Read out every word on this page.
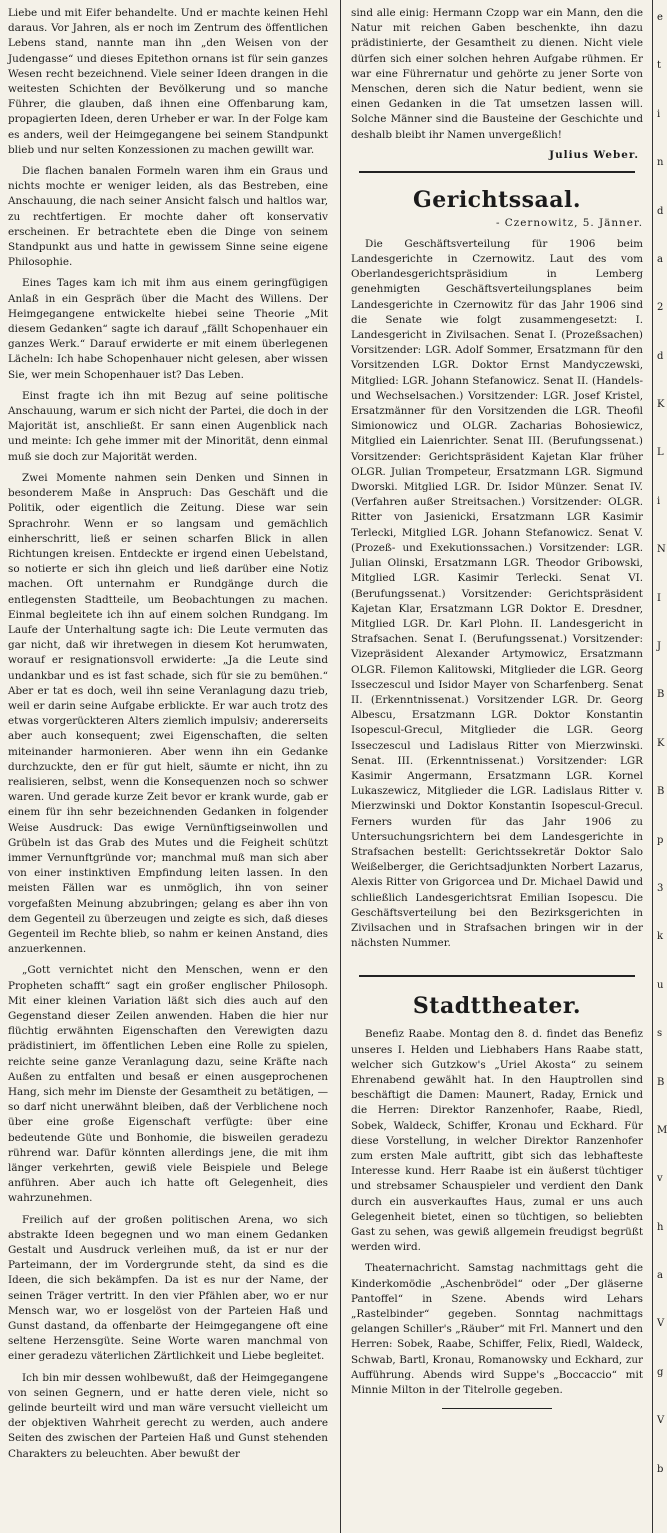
Liebe und mit Eifer behandelte. Und er machte keinen Hehl daraus. Vor Jahren, als er noch im Zentrum des öffentlichen Lebens stand, nannte man ihn „den Weisen von der Judengasse“ und dieses Epitethon ornans ist für sein ganzes Wesen recht bezeichnend. Viele seiner Ideen drangen in die weitesten Schichten der Bevölkerung und so manche Führer, die glauben, daß ihnen eine Offenbarung kam, propagierten Ideen, deren Urheber er war. In der Folge kam es anders, weil der Heimgegangene bei seinem Standpunkt blieb und nur selten Konzessionen zu machen gewillt war.

Die flachen banalen Formeln waren ihm ein Graus und nichts mochte er weniger leiden, als das Bestreben, eine Anschauung, die nach seiner Ansicht falsch und haltlos war, zu rechtfertigen. Er mochte daher oft konservativ erscheinen. Er betrachtete eben die Dinge von seinem Standpunkt aus und hatte in gewissem Sinne seine eigene Philosophie.

Eines Tages kam ich mit ihm aus einem geringfügigen Anlaß in ein Gespräch über die Macht des Willens. Der Heimgegangene entwickelte hiebei seine Theorie „Mit diesem Gedanken“ sagte ich darauf „fällt Schopenhauer ein ganzes Werk.“ Darauf erwiderte er mit einem überlegenen Lächeln: Ich habe Schopenhauer nicht gelesen, aber wissen Sie, wer mein Schopenhauer ist? Das Leben.

Einst fragte ich ihn mit Bezug auf seine politische Anschauung, warum er sich nicht der Partei, die doch in der Majorität ist, anschließt. Er sann einen Augenblick nach und meinte: Ich gehe immer mit der Minorität, denn einmal muß sie doch zur Majorität werden.

Zwei Momente nahmen sein Denken und Sinnen in besonderem Maße in Anspruch: Das Geschäft und die Politik, oder eigentlich die Zeitung. Diese war sein Sprachrohr. Wenn er so langsam und gemächlich einherschritt, ließ er seinen scharfen Blick in allen Richtungen kreisen. Entdeckte er irgend einen Uebelstand, so notierte er sich ihn gleich und ließ darüber eine Notiz machen. Oft unternahm er Rundgänge durch die entlegensten Stadtteile, um Beobachtungen zu machen. Einmal begleitete ich ihn auf einem solchen Rundgang. Im Laufe der Unterhaltung sagte ich: Die Leute vermuten das gar nicht, daß wir ihretwegen in diesem Kot herumwaten, worauf er resignationsvoll erwiderte: „Ja die Leute sind undankbar und es ist fast schade, sich für sie zu bemühen.“ Aber er tat es doch, weil ihn seine Veranlagung dazu trieb, weil er darin seine Aufgabe erblickte. Er war auch trotz des etwas vorgerückteren Alters ziemlich impulsiv; andererseits aber auch konsequent; zwei Eigenschaften, die selten miteinander harmonieren. Aber wenn ihn ein Gedanke durchzuckte, den er für gut hielt, säumte er nicht, ihn zu realisieren, selbst, wenn die Konsequenzen noch so schwer waren. Und gerade kurze Zeit bevor er krank wurde, gab er einem für ihn sehr bezeichnenden Gedanken in folgender Weise Ausdruck: Das ewige Vernünftigseinwollen und Grübeln ist das Grab des Mutes und die Feigheit schützt immer Vernunftgründe vor; manchmal muß man sich aber von einer instinktiven Empfindung leiten lassen. In den meisten Fällen war es unmöglich, ihn von seiner vorgefaßten Meinung abzubringen; gelang es aber ihn von dem Gegenteil zu überzeugen und zeigte es sich, daß dieses Gegenteil im Rechte blieb, so nahm er keinen Anstand, dies anzuerkennen.

„Gott vernichtet nicht den Menschen, wenn er den Propheten schafft“ sagt ein großer englischer Philosoph. Mit einer kleinen Variation läßt sich dies auch auf den Gegenstand dieser Zeilen anwenden. Haben die hier nur flüchtig erwähnten Eigenschaften den Verewigten dazu prädistiniert, im öffentlichen Leben eine Rolle zu spielen, reichte seine ganze Veranlagung dazu, seine Kräfte nach Außen zu entfalten und besaß er einen ausgeprochenen Hang, sich mehr im Dienste der Gesamtheit zu betätigen, — so darf nicht unerwähnt bleiben, daß der Verblichene noch über eine große Eigenschaft verfügte: über eine bedeutende Güte und Bonhomie, die bisweilen geradezu rührend war. Dafür könnten allerdings jene, die mit ihm länger verkehrten, gewiß viele Beispiele und Belege anführen. Aber auch ich hatte oft Gelegenheit, dies wahrzunehmen.

Freilich auf der großen politischen Arena, wo sich abstrakte Ideen begegnen und wo man einem Gedanken Gestalt und Ausdruck verleihen muß, da ist er nur der Parteimann, der im Vordergrunde steht, da sind es die Ideen, die sich bekämpfen. Da ist es nur der Name, der seinen Träger vertritt. In den vier Pfählen aber, wo er nur Mensch war, wo er losgelöst von der Parteien Haß und Gunst dastand, da offenbarte der Heimgegangene oft eine seltene Herzensgüte. Seine Worte waren manchmal von einer geradezu väterlichen Zärtlichkeit und Liebe begleitet.

Ich bin mir dessen wohlbewußt, daß der Heimgegangene von seinen Gegnern, und er hatte deren viele, nicht so gelinde beurteilt wird und man wäre versucht vielleicht um der objektiven Wahrheit gerecht zu werden, auch andere Seiten des zwischen der Parteien Haß und Gunst stehenden Charakters zu beleuchten. Aber bewußt der

sind alle einig: Hermann Czopp war ein Mann, den die Natur mit reichen Gaben beschenkte, ihn dazu prädistinierte, der Gesamtheit zu dienen. Nicht viele dürfen sich einer solchen hehren Aufgabe rühmen. Er war eine Führernatur und gehörte zu jener Sorte von Menschen, deren sich die Natur bedient, wenn sie einen Gedanken in die Tat umsetzen lassen will. Solche Männer sind die Bausteine der Geschichte und deshalb bleibt ihr Namen unvergeßlich!

Julius Weber.
Gerichtssaal.
- Czernowitz, 5. Jänner.

Die Geschäftsverteilung für 1906 beim Landesgerichte in Czernowitz. Laut des vom Oberlandesgerichtspräsidium in Lemberg genehmigten Geschäftsverteilungsplanes beim Landesgerichte in Czernowitz für das Jahr 1906 sind die Senate wie folgt zusammengesetzt: I. Landesgericht in Zivilsachen. Senat I. (Prozeßsachen) Vorsitzender: LGR. Adolf Sommer, Ersatzmann für den Vorsitzenden LGR. Doktor Ernst Mandyczewski, Mitglied: LGR. Johann Stefanowicz. Senat II. (Handels- und Wechselsachen.) Vorsitzender: LGR. Josef Kristel, Ersatzmänner für den Vorsitzenden die LGR. Theofil Simionowicz und OLGR. Zacharias Bohosiewicz, Mitglied ein Laienrichter. Senat III. (Berufungssenat.) Vorsitzender: Gerichtspräsident Kajetan Klar früher OLGR. Julian Trompeteur, Ersatzmann LGR. Sigmund Dworski. Mitglied LGR. Dr. Isidor Münzer. Senat IV. (Verfahren außer Streitsachen.) Vorsitzender: OLGR. Ritter von Jasienicki, Ersatzmann LGR Kasimir Terlecki, Mitglied LGR. Johann Stefanowicz. Senat V. (Prozeß- und Exekutionssachen.) Vorsitzender: LGR. Julian Olinski, Ersatzmann LGR. Theodor Gribowski, Mitglied LGR. Kasimir Terlecki. Senat VI. (Berufungssenat.) Vorsitzender: Gerichtspräsident Kajetan Klar, Ersatzmann LGR Doktor E. Dresdner, Mitglied LGR. Dr. Karl Plohn. II. Landesgericht in Strafsachen. Senat I. (Berufungssenat.) Vorsitzender: Vizepräsident Alexander Artymowicz, Ersatzmann OLGR. Filemon Kalitowski, Mitglieder die LGR. Georg Isseczescul und Isidor Mayer von Scharfenberg. Senat II. (Erkenntnissenat.) Vorsitzender LGR. Dr. Georg Albescu, Ersatzmann LGR. Doktor Konstantin Isopescul-Grecul, Mitglieder die LGR. Georg Isseczescul und Ladislaus Ritter von Mierzwinski. Senat. III. (Erkenntnissenat.) Vorsitzender: LGR Kasimir Angermann, Ersatzmann LGR. Kornel Lukaszewicz, Mitglieder die LGR. Ladislaus Ritter v. Mierzwinski und Doktor Konstantin Isopescul-Grecul. Ferners wurden für das Jahr 1906 zu Untersuchungsrichtern bei dem Landesgerichte in Strafsachen bestellt: Gerichtssekretär Doktor Salo Weißelberger, die Gerichtsadjunkten Norbert Lazarus, Alexis Ritter von Grigorcea und Dr. Michael Dawid und schließlich Landesgerichtsrat Emilian Isopescu. Die Geschäftsverteilung bei den Bezirksgerichten in Zivilsachen und in Strafsachen bringen wir in der nächsten Nummer.

Stadttheater.

Benefiz Raabe. Montag den 8. d. findet das Benefiz unseres I. Helden und Liebhabers Hans Raabe statt, welcher sich Gutzkow's „Uriel Akosta“ zu seinem Ehrenabend gewählt hat. In den Hauptrollen sind beschäftigt die Damen: Maunert, Raday, Ernick und die Herren: Direktor Ranzenhofer, Raabe, Riedl, Sobek, Waldeck, Schiffer, Kronau und Eckhard. Für diese Vorstellung, in welcher Direktor Ranzenhofer zum ersten Male auftritt, gibt sich das lebhafteste Interesse kund. Herr Raabe ist ein äußerst tüchtiger und strebsamer Schauspieler und verdient den Dank durch ein ausverkauftes Haus, zumal er uns auch Gelegenheit bietet, einen so tüchtigen, so beliebten Gast zu sehen, was gewiß allgemein freudigst begrüßt werden wird.

Theaternachricht. Samstag nachmittags geht die Kinderkomödie „Aschenbrödel“ oder „Der gläserne Pantoffel“ in Szene. Abends wird Lehars „Rastelbinder“ gegeben. Sonntag nachmittags gelangen Schiller's „Räuber“ mit Frl. Mannert und den Herren: Sobek, Raabe, Schiffer, Felix, Riedl, Waldeck, Schwab, Bartl, Kronau, Romanowsky und Eckhard, zur Aufführung. Abends wird Suppe's „Boccaccio“ mit Minnie Milton in der Titelrolle gegeben.

e
t
i
n
d
a
2
d
K
L
i
N
I
J
B
K
B
p
3
k
u
s
B
M
v
h
a
V
g
V
b
